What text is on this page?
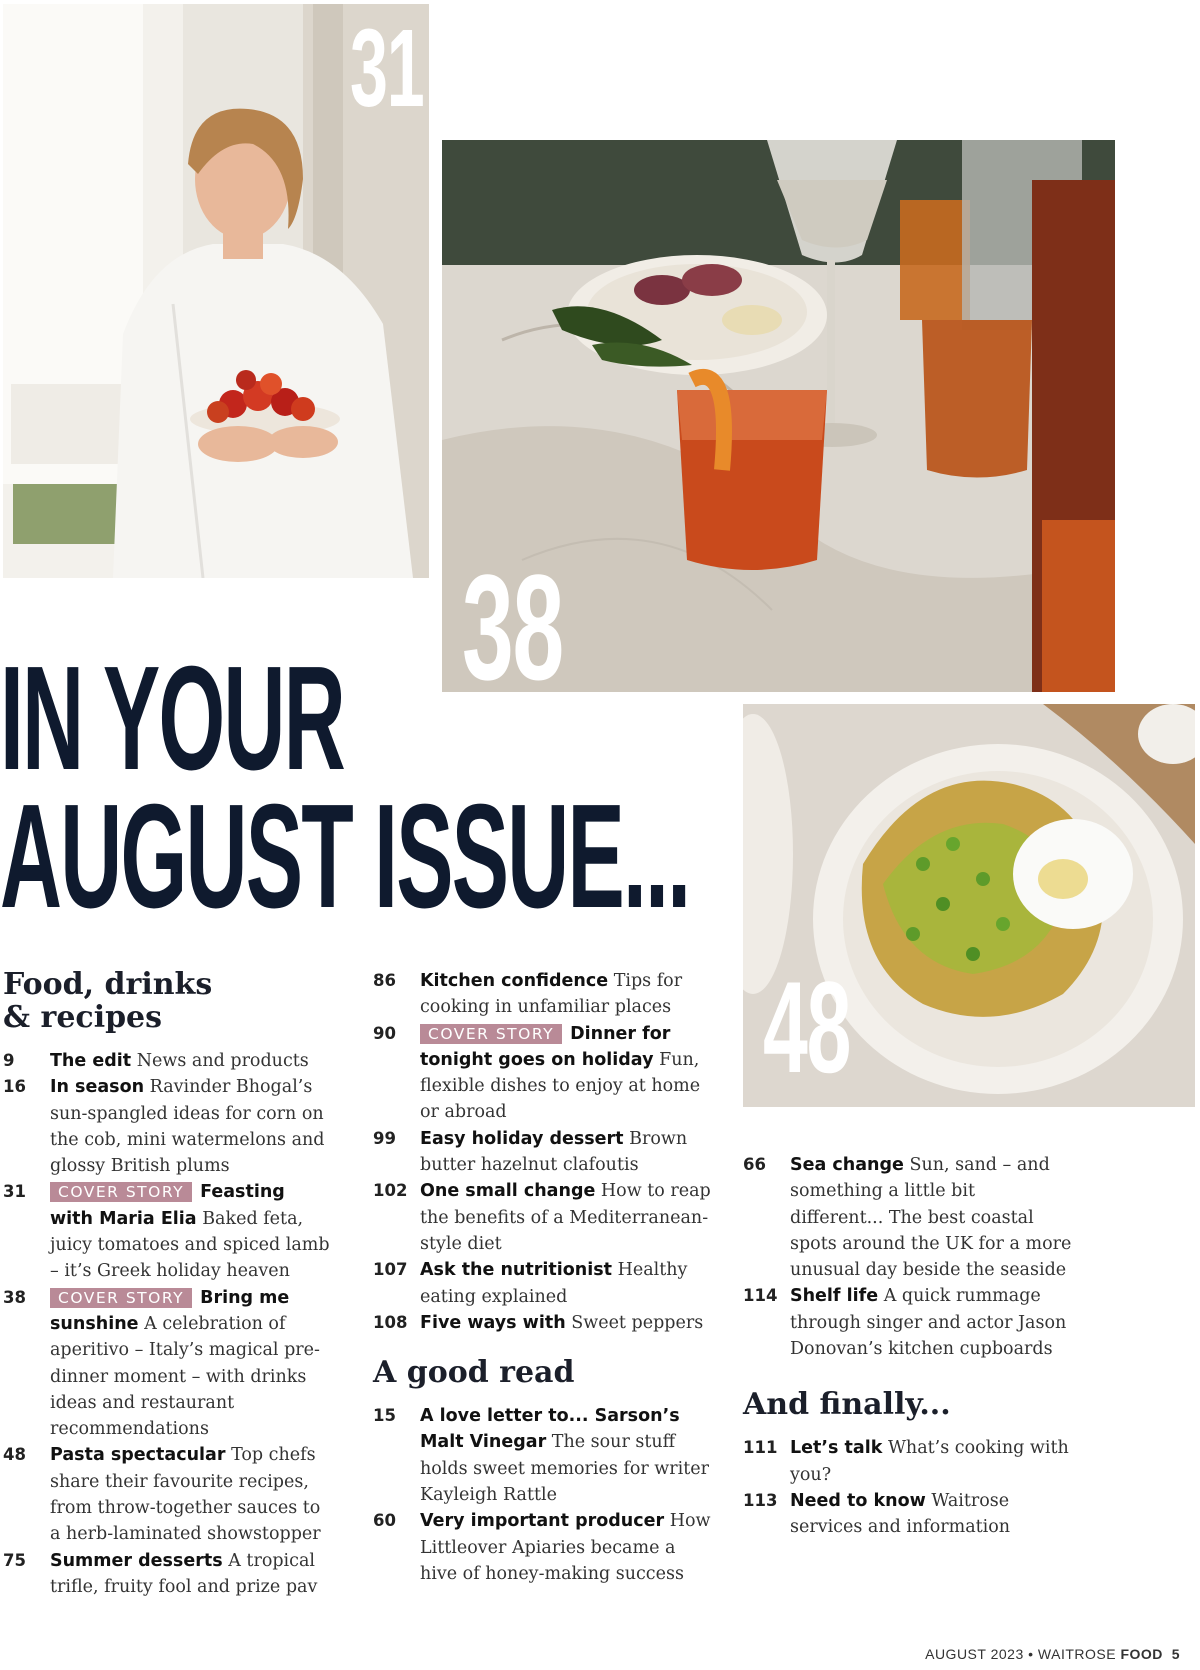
31
38
48
IN YOUR
AUGUST ISSUE...
Food, drinks
& recipes
9	The edit News and products
16	In season Ravinder Bhogal’s sun-spangled ideas for corn on the cob, mini watermelons and glossy British plums
31	COVER STORY Feasting with Maria Elia Baked feta, juicy tomatoes and spiced lamb – it’s Greek holiday heaven
38	COVER STORY Bring me sunshine A celebration of aperitivo – Italy’s magical pre-dinner moment – with drinks ideas and restaurant recommendations
48	Pasta spectacular Top chefs share their favourite recipes, from throw-together sauces to a herb-laminated showstopper
75	Summer desserts A tropical trifle, fruity fool and prize pav
86	Kitchen confidence Tips for cooking in unfamiliar places
90	COVER STORY Dinner for tonight goes on holiday Fun, flexible dishes to enjoy at home or abroad
99	Easy holiday dessert Brown butter hazelnut clafoutis
102 One small change How to reap the benefits of a Mediterranean-style diet
107 Ask the nutritionist Healthy eating explained
108 Five ways with Sweet peppers
A good read
15	A love letter to... Sarson’s Malt Vinegar The sour stuff holds sweet memories for writer Kayleigh Rattle
60	Very important producer How Littleover Apiaries became a hive of honey-making success
66	Sea change Sun, sand – and something a little bit different... The best coastal spots around the UK for a more unusual day beside the seaside
114 Shelf life A quick rummage through singer and actor Jason Donovan’s kitchen cupboards
And finally...
111 Let’s talk What’s cooking with you?
113 Need to know Waitrose services and information
AUGUST 2023 • WAITROSE FOOD 5
